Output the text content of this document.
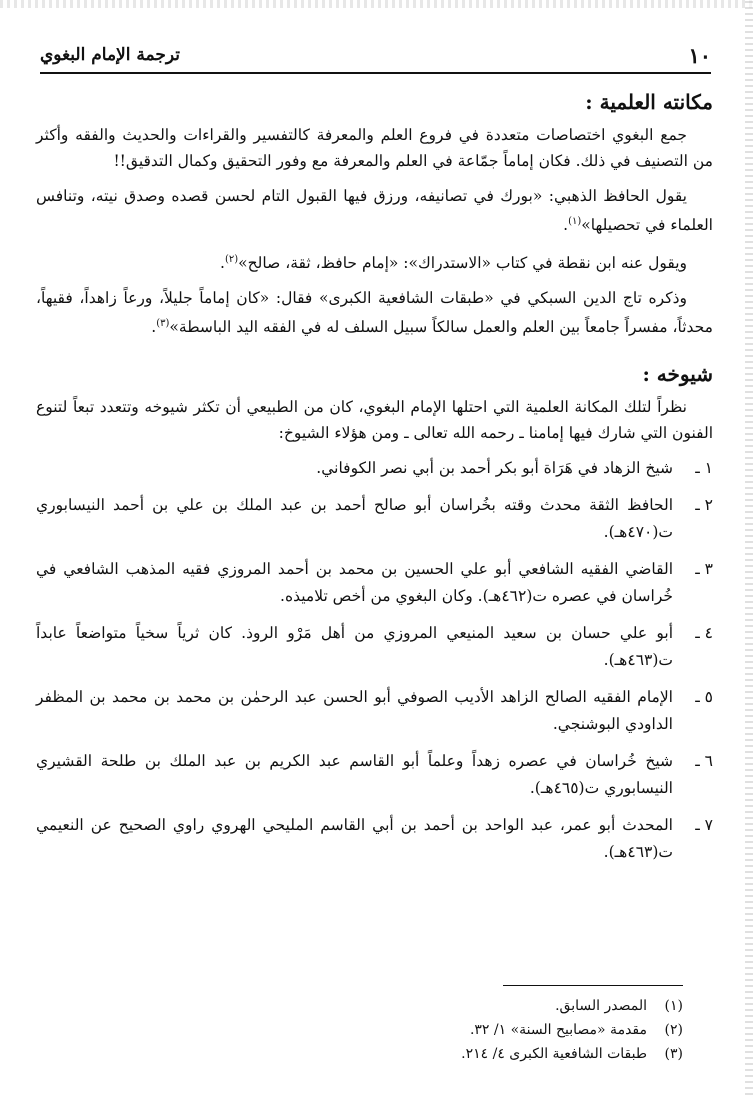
ترجمة الإمام البغوي	١٠
مكانته العلمية :

جمع البغوي اختصاصات متعددة في فروع العلم والمعرفة كالتفسير والقراءات والحديث والفقه وأكثر من التصنيف في ذلك. فكان إماماً جمّاعة في العلم والمعرفة مع وفور التحقيق وكمال التدقيق!!

يقول الحافظ الذهبي: «بورك في تصانيفه، ورزق فيها القبول التام لحسن قصده وصدق نيته، وتنافس العلماء في تحصيلها»$^{(١)}$.

ويقول عنه ابن نقطة في كتاب «الاستدراك»: «إمام حافظ، ثقة، صالح»$^{(٢)}$.

وذكره تاج الدين السبكي في «طبقات الشافعية الكبرى» فقال: «كان إماماً جليلاً، ورعاً زاهداً، فقيهاً، محدثاً، مفسراً جامعاً بين العلم والعمل سالكاً سبيل السلف له في الفقه اليد الباسطة»$^{(٣)}$.

شيوخه :

نظراً لتلك المكانة العلمية التي احتلها الإمام البغوي، كان من الطبيعي أن تكثر شيوخه وتتعدد تبعاً لتنوع الفنون التي شارك فيها إمامنا ـ رحمه الله تعالى ـ ومن هؤلاء الشيوخ:

١ ـ
شيخ الزهاد في هَرَاة أبو بكر أحمد بن أبي نصر الكوفاني.
٢ ـ
الحافظ الثقة محدث وقته بخُراسان أبو صالح أحمد بن عبد الملك بن علي بن أحمد النيسابوري ت(٤٧٠هـ).
٣ ـ
القاضي الفقيه الشافعي أبو علي الحسين بن محمد بن أحمد المروزي فقيه المذهب الشافعي في خُراسان في عصره ت(٤٦٢هـ). وكان البغوي من أخص تلاميذه.
٤ ـ
أبو علي حسان بن سعيد المنيعي المروزي من أهل مَرْو الروذ. كان ثرياً سخياً متواضعاً عابداً ت(٤٦٣هـ).
٥ ـ
الإمام الفقيه الصالح الزاهد الأديب الصوفي أبو الحسن عبد الرحمٰن بن محمد بن محمد بن المظفر الداودي البوشنجي.
٦ ـ
شيخ خُراسان في عصره زهداً وعلماً أبو القاسم عبد الكريم بن عبد الملك بن طلحة القشيري النيسابوري ت(٤٦٥هـ).
٧ ـ
المحدث أبو عمر، عبد الواحد بن أحمد بن أبي القاسم المليحي الهروي راوي الصحيح عن النعيمي ت(٤٦٣هـ).
(١)
المصدر السابق.
(٢)
مقدمة «مصابيح السنة» ١/ ٣٢.
(٣)
طبقات الشافعية الكبرى ٤/ ٢١٤.
